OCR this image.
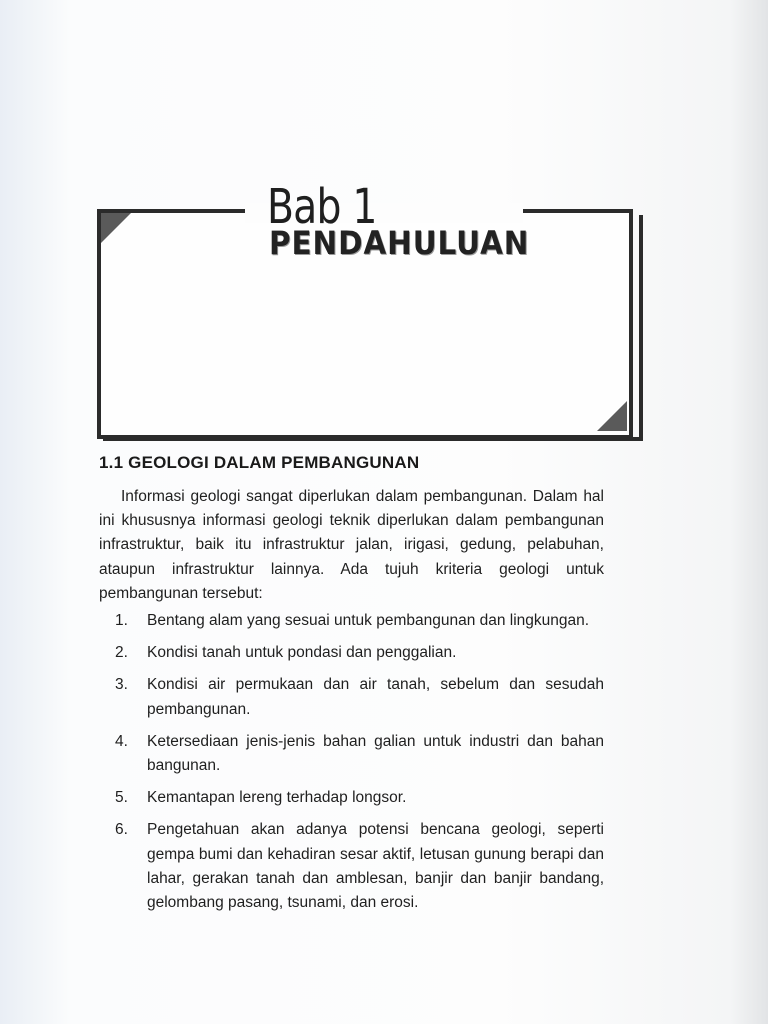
Bab 1
PENDAHULUAN
1.1 GEOLOGI DALAM PEMBANGUNAN

Informasi geologi sangat diperlukan dalam pembangunan. Dalam hal ini khususnya informasi geologi teknik diperlukan dalam pembangunan infrastruktur, baik itu infrastruktur jalan, irigasi, gedung, pelabuhan, ataupun infrastruktur lainnya. Ada tujuh kriteria geologi untuk pembangunan tersebut:

1. Bentang alam yang sesuai untuk pembangunan dan lingkungan.
2. Kondisi tanah untuk pondasi dan penggalian.
3. Kondisi air permukaan dan air tanah, sebelum dan sesudah pembangunan.
4. Ketersediaan jenis-jenis bahan galian untuk industri dan bahan bangunan.
5. Kemantapan lereng terhadap longsor.
6. Pengetahuan akan adanya potensi bencana geologi, seperti gempa bumi dan kehadiran sesar aktif, letusan gunung berapi dan lahar, gerakan tanah dan amblesan, banjir dan banjir bandang, gelombang pasang, tsunami, dan erosi.
